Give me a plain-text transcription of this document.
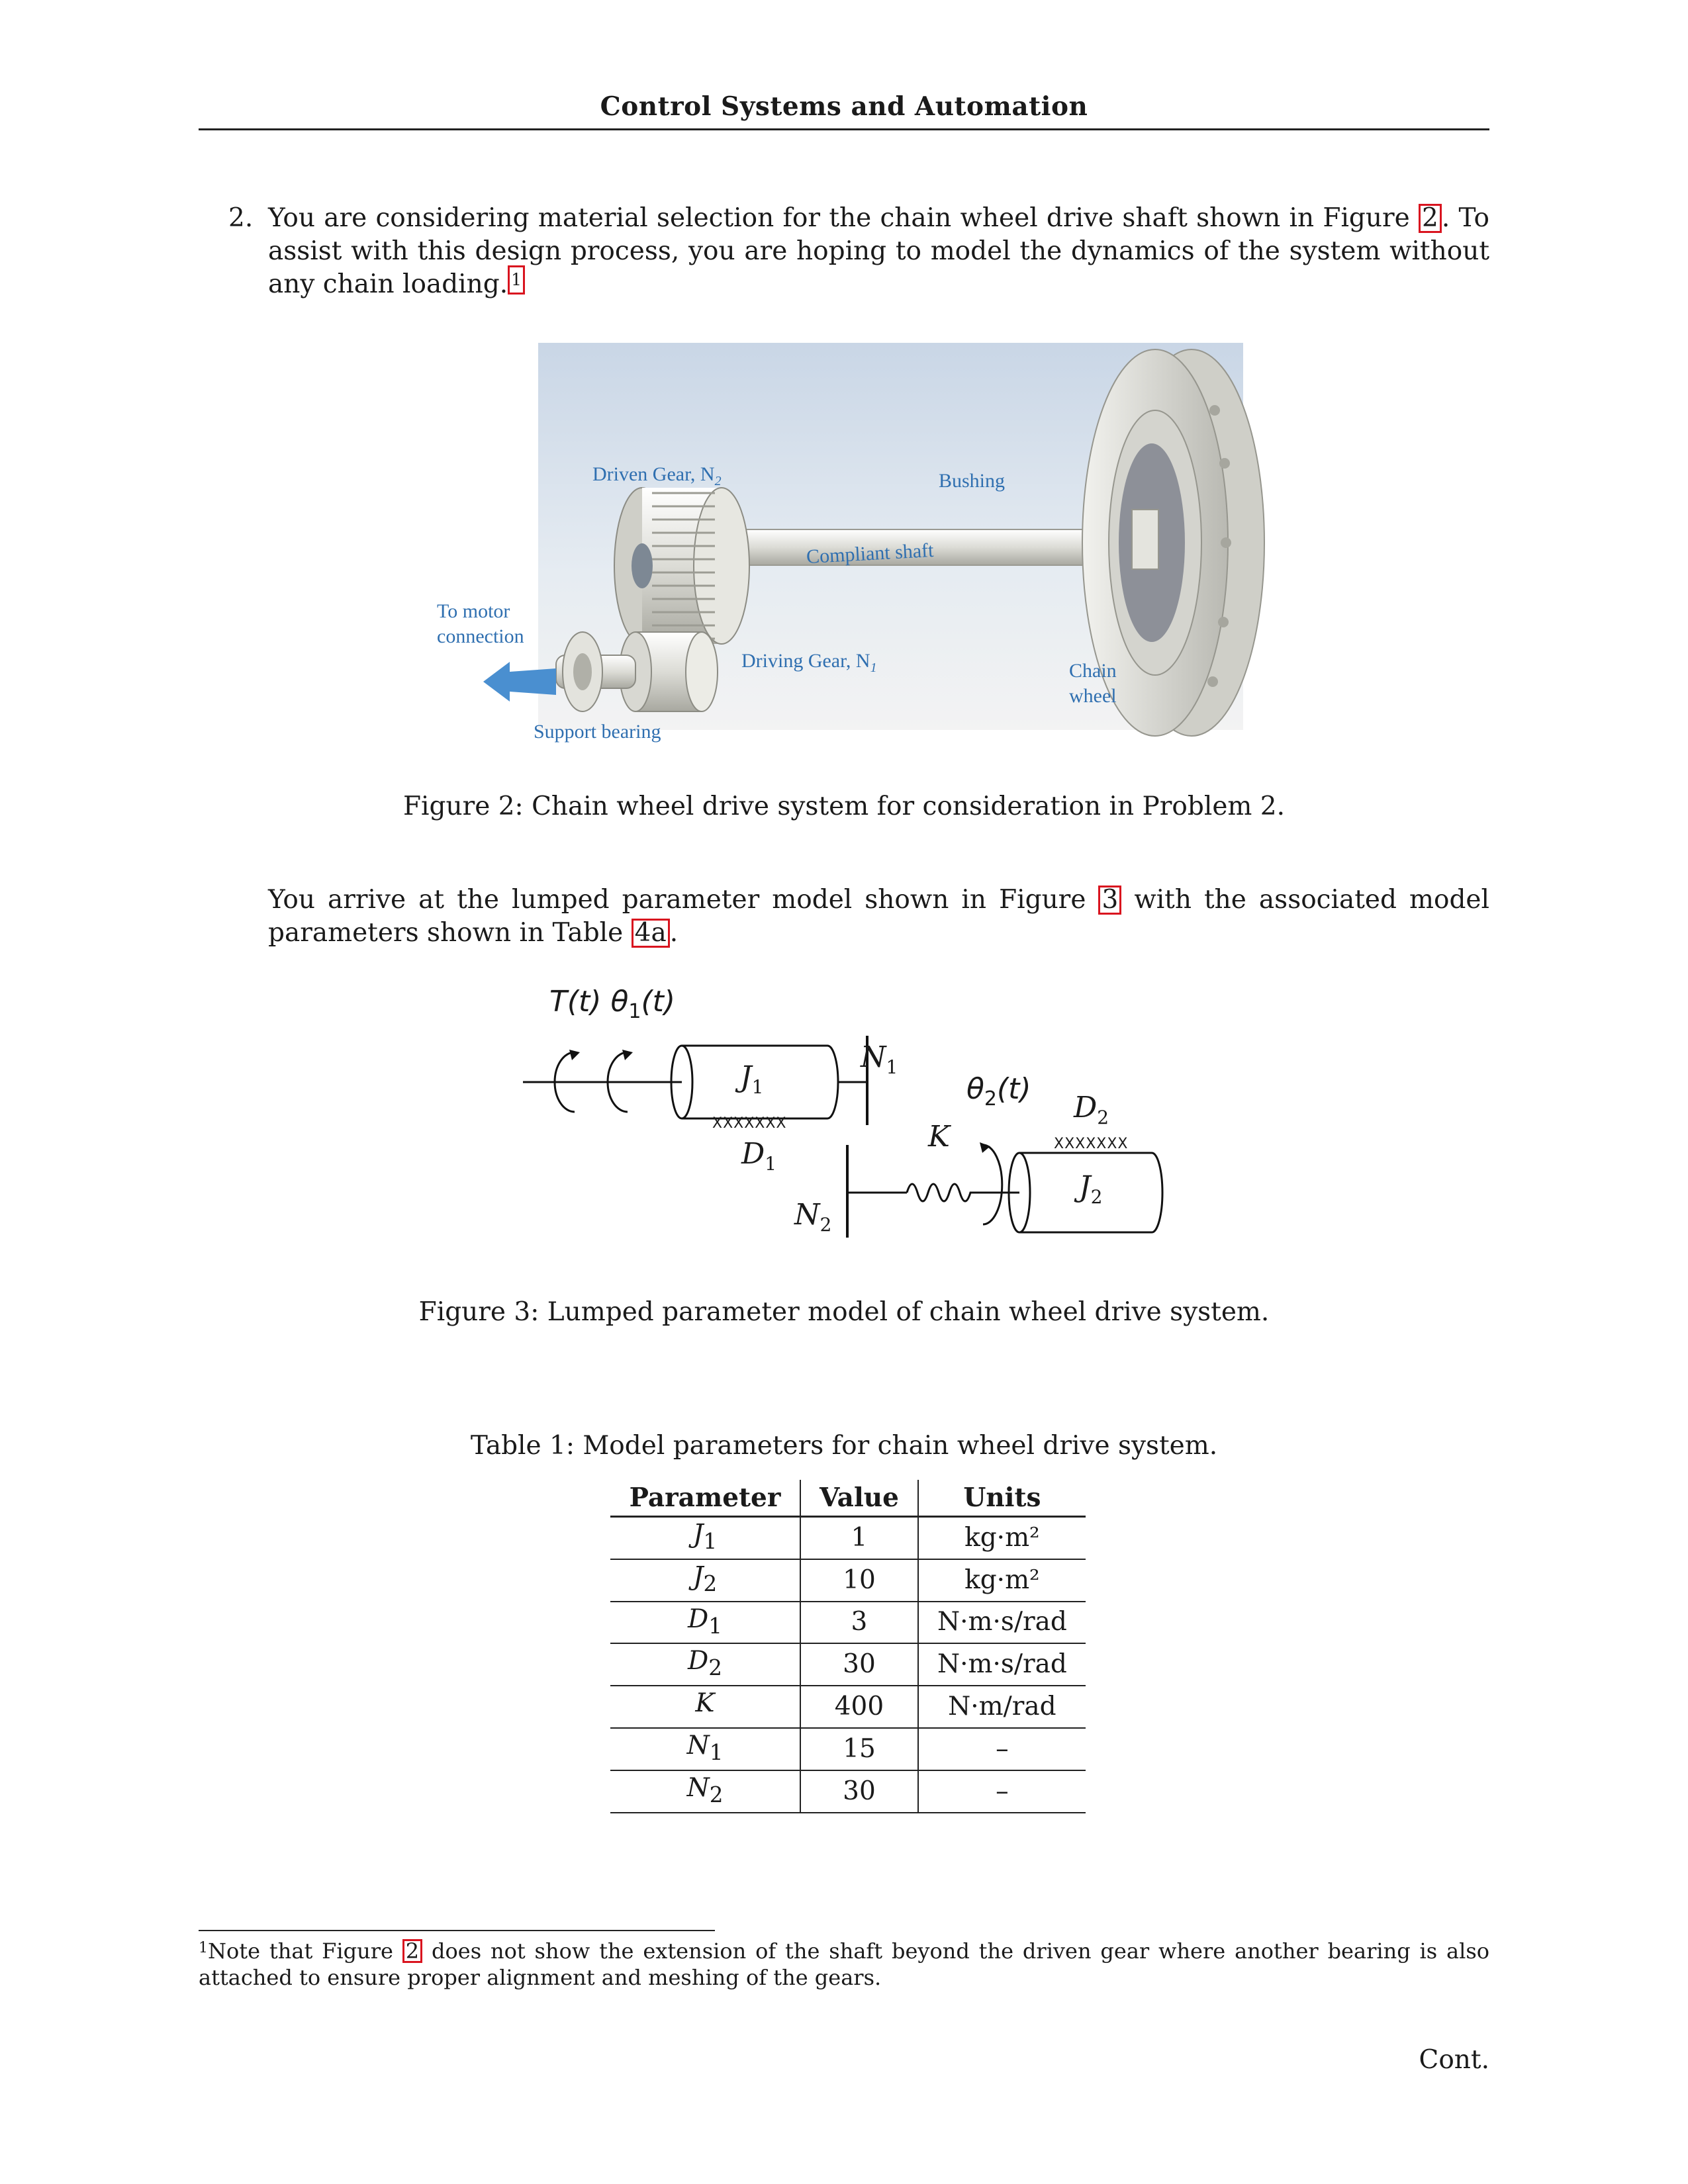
Control Systems and Automation
2. You are considering material selection for the chain wheel drive shaft shown in Figure 2 . To assist with this design process, you are hoping to model the dynamics of the system without any chain loading. 1
Driven Gear, $N_2$	Bushing
Compliant shaft
To motor
connection
Driving Gear, $N_1$	Chain
wheel
Support bearing
Figure 2: Chain wheel drive system for consideration in Problem 2.
You arrive at the lumped parameter model shown in Figure 3 with the associated model parameters shown in Table 4a .
T(t) $\theta_1(t)$
$J_1$
XXXXXXX
$D_1$
$N_1$
$N_2$
K
$\theta_2(t)$
$D_2$
XXXXXXX
$J_2$
Figure 3: Lumped parameter model of chain wheel drive system.
Table 1: Model parameters for chain wheel drive system.
Parameter	Value	Units
$J_1$	1	kg·m²
$J_2$	10	kg·m²
$D_1$	3	N·m·s/rad
$D_2$	30	N·m·s/rad
K	400	N·m/rad
$N_1$	15	–
$N_2$	30	–
$^1$Note that Figure 2 does not show the extension of the shaft beyond the driven gear where another bearing is also attached to ensure proper alignment and meshing of the gears.
Cont.
